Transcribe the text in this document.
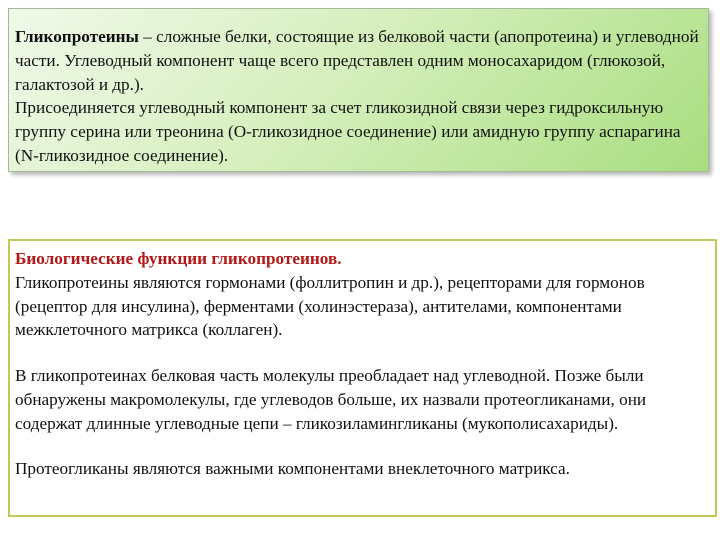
Гликопротеины – сложные белки, состоящие из белковой части (апопротеина) и углеводной части. Углеводный компонент чаще всего представлен одним моносахаридом (глюкозой, галактозой и др.).

Присоединяется углеводный компонент за счет гликозидной связи через гидроксильную группу серина или треонина (О-гликозидное соединение) или амидную группу аспарагина (N-гликозидное соединение).

Биологические функции гликопротеинов.
Гликопротеины являются гормонами (фоллитропин и др.), рецепторами для гормонов (рецептор для инсулина), ферментами (холинэстераза), антителами, компонентами межклеточного матрикса (коллаген).

В гликопротеинах белковая часть молекулы преобладает над углеводной. Позже были обнаружены макромолекулы, где углеводов больше, их назвали протеогликанами, они содержат длинные углеводные цепи – гликозиламингликаны (мукополисахариды).

Протеогликаны являются важными компонентами внеклеточного матрикса.
